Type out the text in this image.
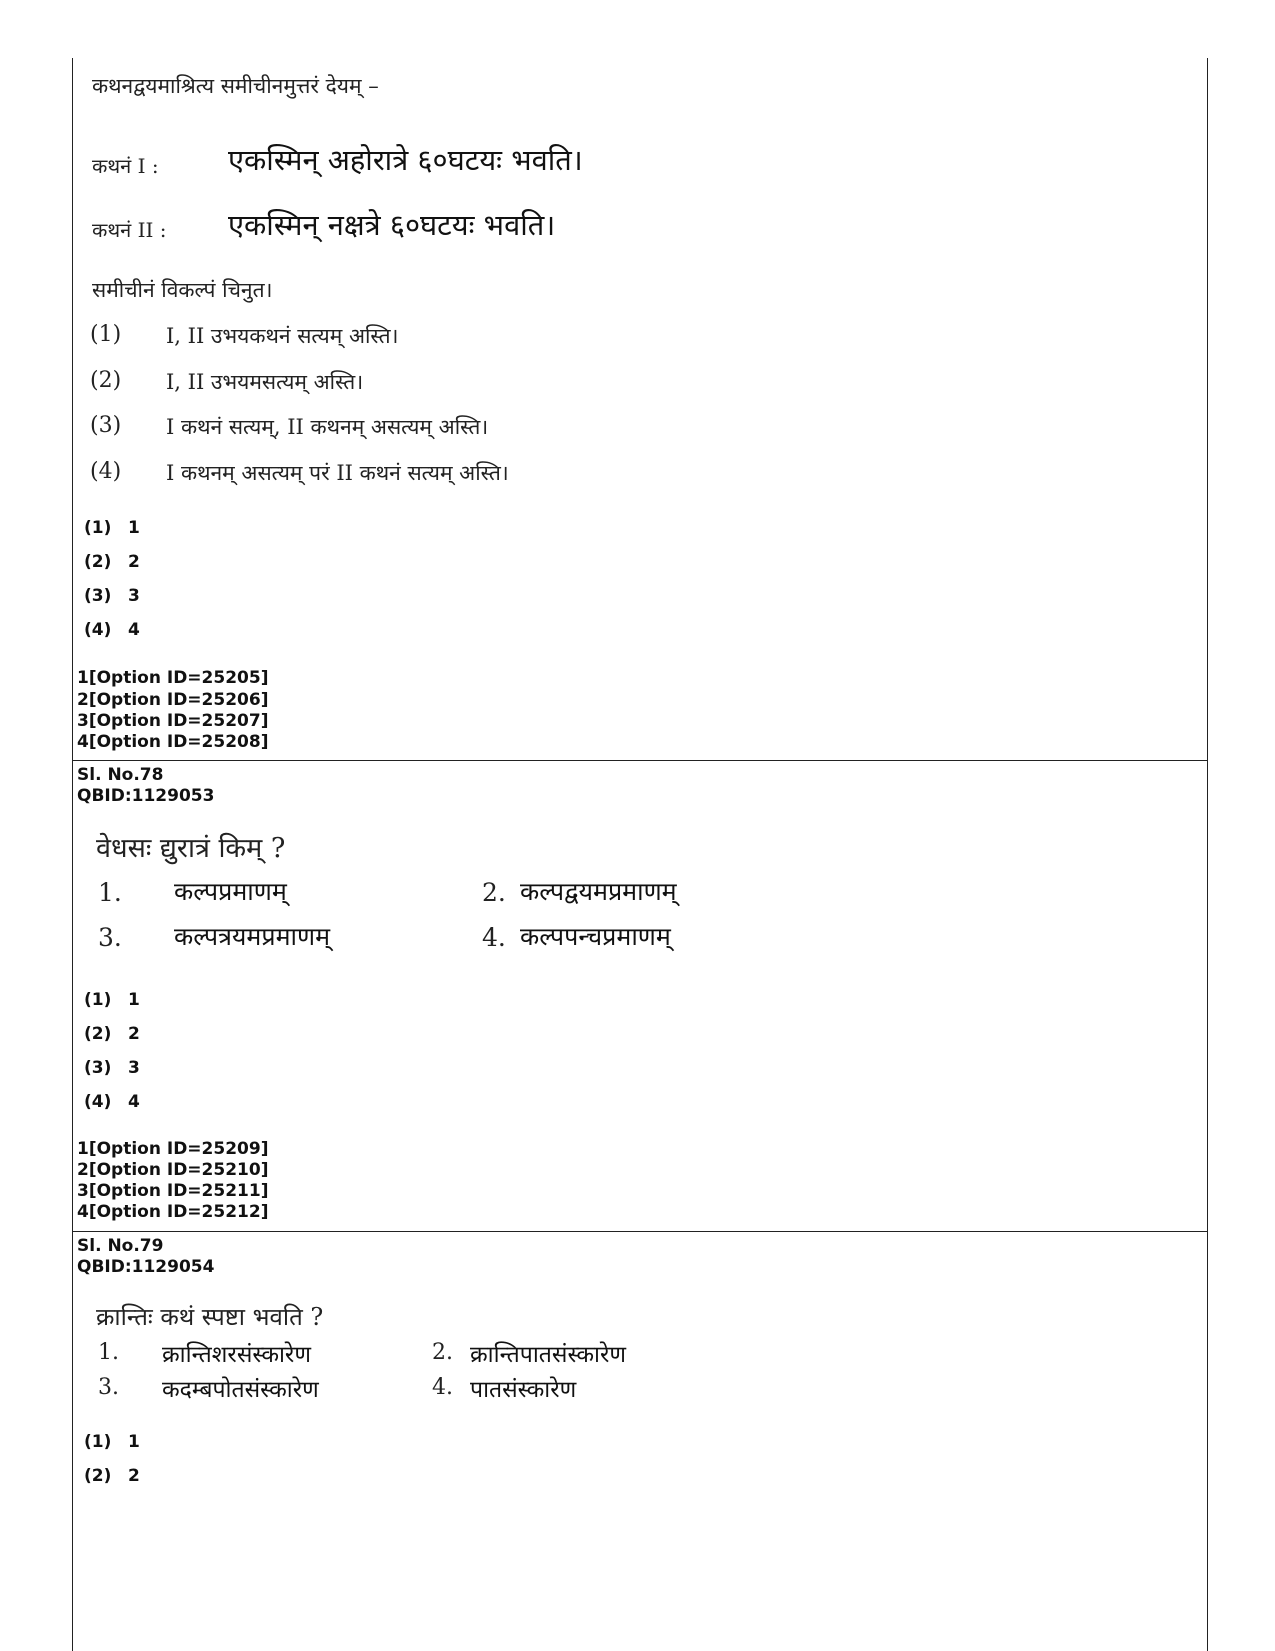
कथनद्वयमाश्रित्य समीचीनमुत्तरं देयम् –
कथनं I : एकस्मिन् अहोरात्रे ६०घटयः भवति।
कथनं II : एकस्मिन् नक्षत्रे ६०घटयः भवति।
समीचीनं विकल्पं चिनुत।
(1) I, II उभयकथनं सत्यम् अस्ति।
(2) I, II उभयमसत्यम् अस्ति।
(3) I कथनं सत्यम्, II कथनम् असत्यम् अस्ति।
(4) I कथनम् असत्यम् परं II कथनं सत्यम् अस्ति।
(1) 1
(2) 2
(3) 3
(4) 4
1[Option ID=25205]
2[Option ID=25206]
3[Option ID=25207]
4[Option ID=25208]
Sl. No.78
QBID:1129053
वेधसः द्युरात्रं किम् ?
1. कल्पप्रमाणम्	2. कल्पद्वयमप्रमाणम्
3. कल्पत्रयमप्रमाणम्	4. कल्पपन्चप्रमाणम्
(1) 1
(2) 2
(3) 3
(4) 4
1[Option ID=25209]
2[Option ID=25210]
3[Option ID=25211]
4[Option ID=25212]
Sl. No.79
QBID:1129054
क्रान्तिः कथं स्पष्टा भवति ?
1. क्रान्तिशरसंस्कारेण	2. क्रान्तिपातसंस्कारेण
3. कदम्बपोतसंस्कारेण	4. पातसंस्कारेण
(1) 1
(2) 2
